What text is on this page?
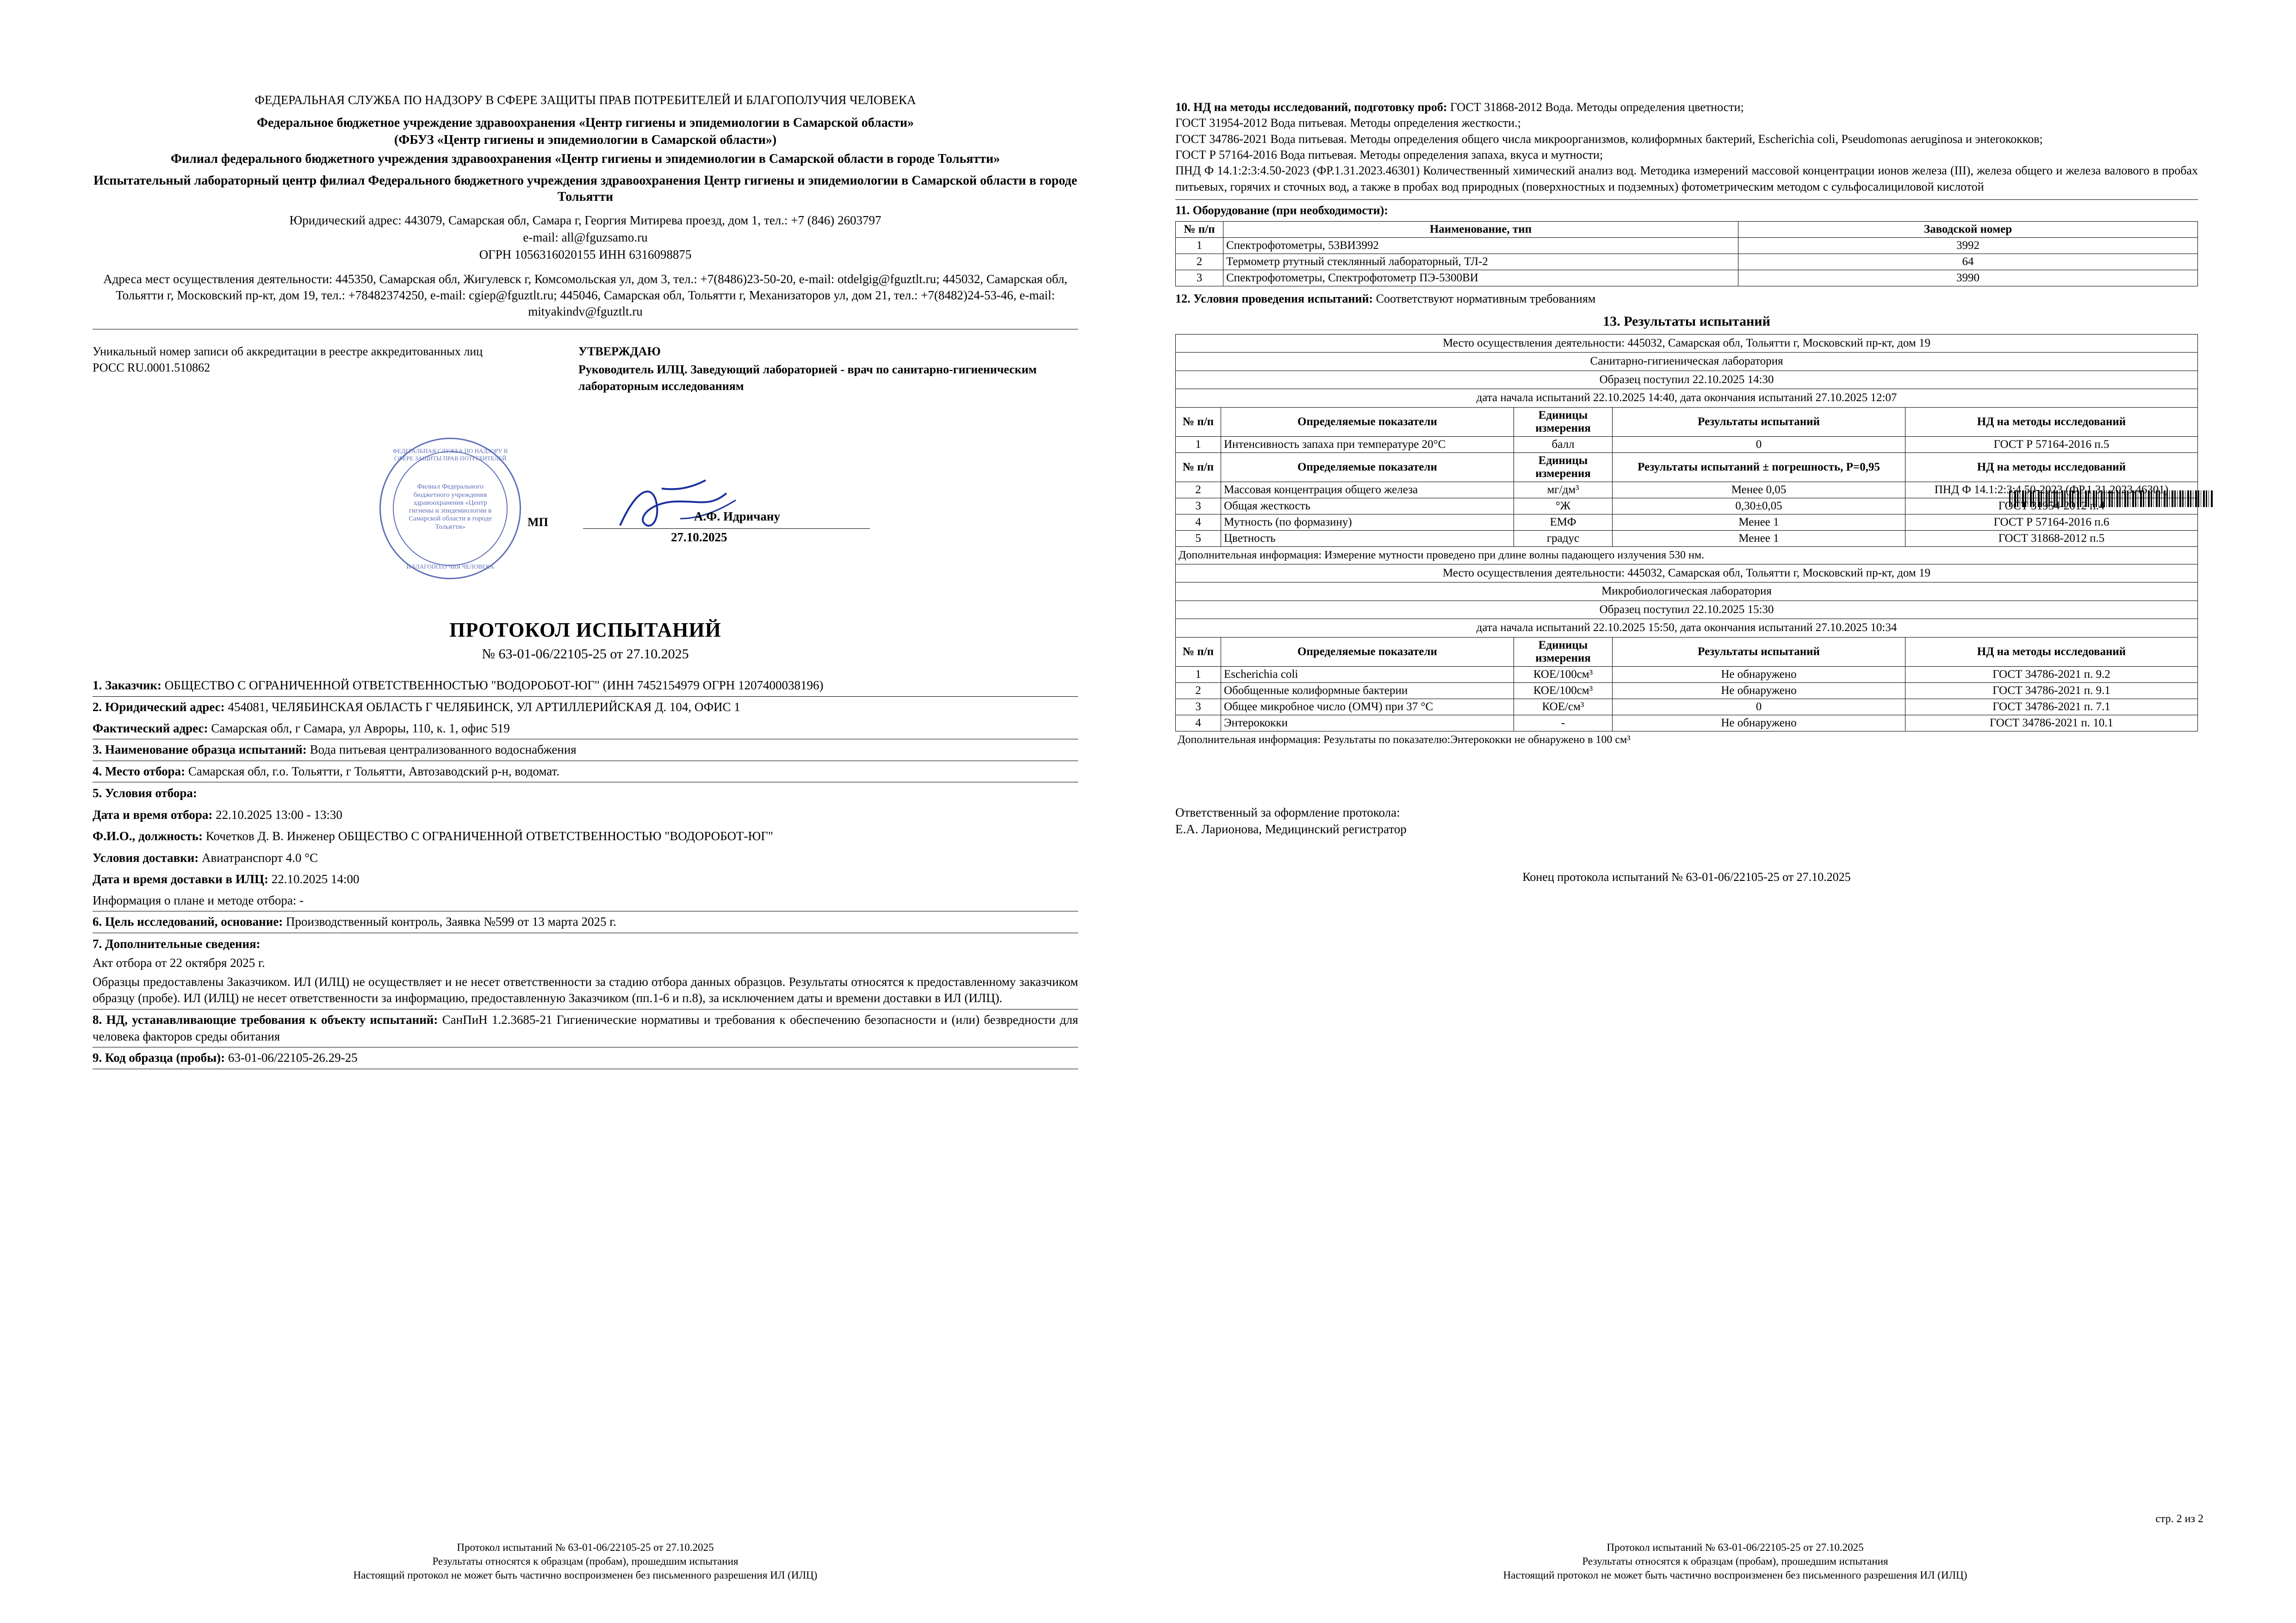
ФЕДЕРАЛЬНАЯ СЛУЖБА ПО НАДЗОРУ В СФЕРЕ ЗАЩИТЫ ПРАВ ПОТРЕБИТЕЛЕЙ И БЛАГОПОЛУЧИЯ ЧЕЛОВЕКА
Федеральное бюджетное учреждение здравоохранения «Центр гигиены и эпидемиологии в Самарской области»
(ФБУЗ «Центр гигиены и эпидемиологии в Самарской области»)
Филиал федерального бюджетного учреждения здравоохранения «Центр гигиены и эпидемиологии в Самарской области в городе Тольятти»
Испытательный лабораторный центр филиал Федерального бюджетного учреждения здравоохранения Центр гигиены и эпидемиологии в Самарской области в городе Тольятти
Юридический адрес: 443079, Самарская обл, Самара г, Георгия Митирева проезд, дом 1, тел.: +7 (846) 2603797
e-mail: all@fguzsamo.ru
ОГРН 1056316020155 ИНН 6316098875
Адреса мест осуществления деятельности: 445350, Самарская обл, Жигулевск г, Комсомольская ул, дом 3, тел.: +7(8486)23-50-20, e-mail: otdelgig@fguztlt.ru; 445032, Самарская обл, Тольятти г, Московский пр-кт, дом 19, тел.: +78482374250, e-mail: cgiep@fguztlt.ru; 445046, Самарская обл, Тольятти г, Механизаторов ул, дом 21, тел.: +7(8482)24-53-46, e-mail: mityakindv@fguztlt.ru
Уникальный номер записи об аккредитации в реестре аккредитованных лиц
РОСС RU.0001.510862
УТВЕРЖДАЮ
Руководитель ИЛЦ. Заведующий лабораторией - врач по санитарно-гигиеническим лабораторным исследованиям
ФЕДЕРАЛЬНАЯ СЛУЖБА ПО НАДЗОРУ В СФЕРЕ ЗАЩИТЫ ПРАВ ПОТРЕБИТЕЛЕЙ
Филиал Федерального бюджетного учреждения здравоохранения «Центр гигиены и эпидемиологии в Самарской области в городе Тольятти»
И БЛАГОПОЛУЧИЯ ЧЕЛОВЕКА
МП	А.Ф. Идричану
27.10.2025
ПРОТОКОЛ ИСПЫТАНИЙ
№ 63-01-06/22105-25 от 27.10.2025
1. Заказчик: ОБЩЕСТВО С ОГРАНИЧЕННОЙ ОТВЕТСТВЕННОСТЬЮ "ВОДОРОБОТ-ЮГ" (ИНН 7452154979 ОГРН 1207400038196)
2. Юридический адрес: 454081, ЧЕЛЯБИНСКАЯ ОБЛАСТЬ Г ЧЕЛЯБИНСК, УЛ АРТИЛЛЕРИЙСКАЯ Д. 104, ОФИС 1
Фактический адрес: Самарская обл, г Самара, ул Авроры, 110, к. 1, офис 519
3. Наименование образца испытаний: Вода питьевая централизованного водоснабжения
4. Место отбора: Самарская обл, г.о. Тольятти, г Тольятти, Автозаводский р-н, водомат.
5. Условия отбора:
Дата и время отбора: 22.10.2025 13:00 - 13:30
Ф.И.О., должность: Кочетков Д. В. Инженер ОБЩЕСТВО С ОГРАНИЧЕННОЙ ОТВЕТСТВЕННОСТЬЮ "ВОДОРОБОТ-ЮГ"
Условия доставки: Авиатранспорт 4.0 °С
Дата и время доставки в ИЛЦ: 22.10.2025 14:00
Информация о плане и методе отбора: -
6. Цель исследований, основание: Производственный контроль, Заявка №599 от 13 марта 2025 г.
7. Дополнительные сведения:
Акт отбора от 22 октября 2025 г.
Образцы предоставлены Заказчиком. ИЛ (ИЛЦ) не осуществляет и не несет ответственности за стадию отбора данных образцов. Результаты относятся к предоставленному заказчиком образцу (пробе). ИЛ (ИЛЦ) не несет ответственности за информацию, предоставленную Заказчиком (пп.1-6 и п.8), за исключением даты и времени доставки в ИЛ (ИЛЦ).
8. НД, устанавливающие требования к объекту испытаний: СанПиН 1.2.3685-21 Гигиенические нормативы и требования к обеспечению безопасности и (или) безвредности для человека факторов среды обитания
9. Код образца (пробы): 63-01-06/22105-26.29-25
10. НД на методы исследований, подготовку проб: ГОСТ 31868-2012 Вода. Методы определения цветности;
ГОСТ 31954-2012 Вода питьевая. Методы определения жесткости.;
ГОСТ 34786-2021 Вода питьевая. Методы определения общего числа микроорганизмов, колиформных бактерий, Escherichia coli, Pseudomonas aeruginosa и энterококков;
ГОСТ Р 57164-2016 Вода питьевая. Методы определения запаха, вкуса и мутности;
ПНД Ф 14.1:2:3:4.50-2023 (ФР.1.31.2023.46301) Количественный химический анализ вод. Методика измерений массовой концентрации ионов железа (III), железа общего и железа валового в пробах питьевых, горячих и сточных вод, а также в пробах вод природных (поверхностных и подземных) фотометрическим методом с сульфосалициловой кислотой
11. Оборудование (при необходимости):
№ п/п	Наименование, тип	Заводской номер
1	Спектрофотометры, 53ВИ3992	3992
2	Термометр ртутный стеклянный лабораторный, ТЛ-2	64
3	Спектрофотометры, Спектрофотометр ПЭ-5300ВИ	3990
12. Условия проведения испытаний: Соответствуют нормативным требованиям
13. Результаты испытаний
Место осуществления деятельности: 445032, Самарская обл, Тольятти г, Московский пр-кт, дом 19				
Санитарно-гигиеническая лаборатория				
Образец поступил 22.10.2025 14:30				
дата начала испытаний 22.10.2025 14:40, дата окончания испытаний 27.10.2025 12:07				
№ п/п	Определяемые показатели	Единицы измерения	Результаты испытаний	НД на методы исследований
1	Интенсивность запаха при температуре 20°С	балл	0	ГОСТ Р 57164-2016 п.5
№ п/п	Определяемые показатели	Единицы измерения	Результаты испытаний ± погрешность, Р=0,95	НД на методы исследований
2	Массовая концентрация общего железа	мг/дм³	Менее 0,05	ПНД Ф 14.1:2:3:4.50-2023 (ФР.1.31.2023.46301)
3	Общая жесткость	°Ж	0,30±0,05	ГОСТ 31954-2012 п.4
4	Мутность (по формазину)	ЕМФ	Менее 1	ГОСТ Р 57164-2016 п.6
5	Цветность	градус	Менее 1	ГОСТ 31868-2012 п.5
Дополнительная информация: Измерение мутности проведено при длине волны падающего излучения 530 нм.				
Место осуществления деятельности: 445032, Самарская обл, Тольятти г, Московский пр-кт, дом 19				
Микробиологическая лаборатория				
Образец поступил 22.10.2025 15:30				
дата начала испытаний 22.10.2025 15:50, дата окончания испытаний 27.10.2025 10:34				
№ п/п	Определяемые показатели	Единицы измерения	Результаты испытаний	НД на методы исследований
1	Escherichia coli	КОЕ/100см³	Не обнаружено	ГОСТ 34786-2021 п. 9.2
2	Обобщенные колиформные бактерии	КОЕ/100см³	Не обнаружено	ГОСТ 34786-2021 п. 9.1
3	Общее микробное число (ОМЧ) при 37 °С	КОЕ/см³	0	ГОСТ 34786-2021 п. 7.1
4	Энтерококки	-	Не обнаружено	ГОСТ 34786-2021 п. 10.1
Дополнительная информация: Результаты по показателю:Энтерококки не обнаружено в 100 см³
Ответственный за оформление протокола:
Е.А. Ларионова, Медицинский регистратор
Конец протокола испытаний № 63-01-06/22105-25 от 27.10.2025
Протокол испытаний № 63-01-06/22105-25 от 27.10.2025
Результаты относятся к образцам (пробам), прошедшим испытания
Настоящий протокол не может быть частично воспроизменен без письменного разрешения ИЛ (ИЛЦ)
стр. 2 из 2
Протокол испытаний № 63-01-06/22105-25 от 27.10.2025
Результаты относятся к образцам (пробам), прошедшим испытания
Настоящий протокол не может быть частично воспроизменен без письменного разрешения ИЛ (ИЛЦ)
